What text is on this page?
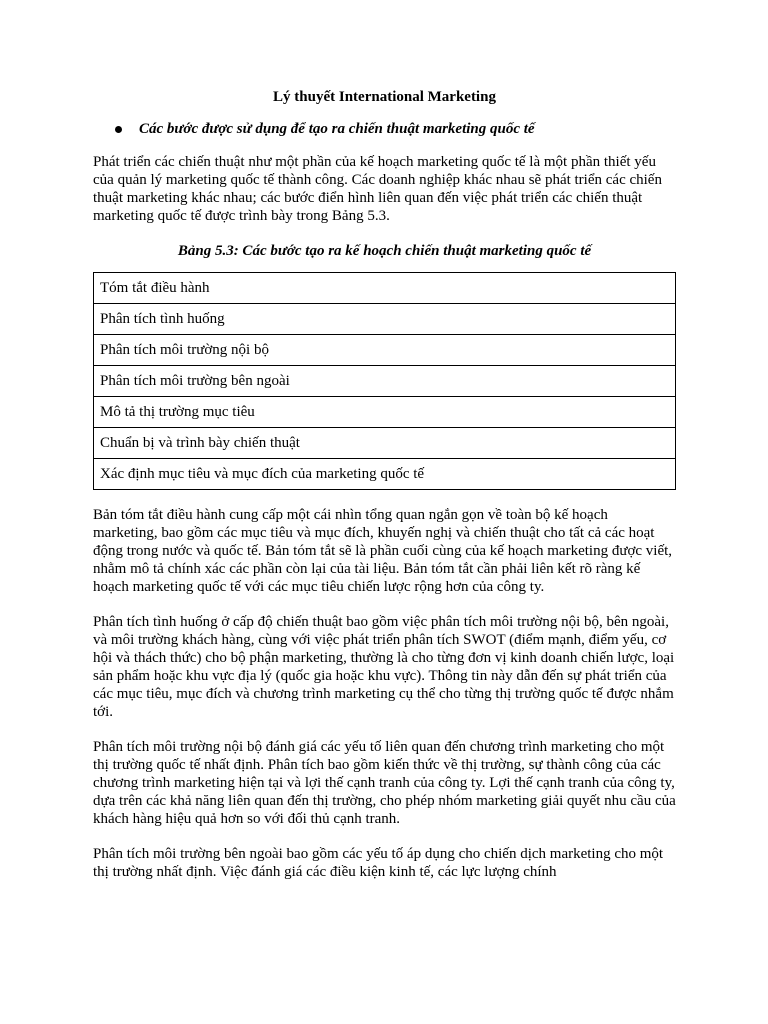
Lý thuyết International Marketing

Các bước được sử dụng để tạo ra chiến thuật marketing quốc tế

Phát triển các chiến thuật như một phần của kế hoạch marketing quốc tế là một phần thiết yếu của quản lý marketing quốc tế thành công. Các doanh nghiệp khác nhau sẽ phát triển các chiến thuật marketing khác nhau; các bước điển hình liên quan đến việc phát triển các chiến thuật marketing quốc tế được trình bày trong Bảng 5.3.

Bảng 5.3: Các bước tạo ra kế hoạch chiến thuật marketing quốc tế
Tóm tắt điều hành
Phân tích tình huống
Phân tích môi trường nội bộ
Phân tích môi trường bên ngoài
Mô tả thị trường mục tiêu
Chuẩn bị và trình bày chiến thuật
Xác định mục tiêu và mục đích của marketing quốc tế

Bản tóm tắt điều hành cung cấp một cái nhìn tổng quan ngắn gọn về toàn bộ kế hoạch marketing, bao gồm các mục tiêu và mục đích, khuyến nghị và chiến thuật cho tất cả các hoạt động trong nước và quốc tế. Bản tóm tắt sẽ là phần cuối cùng của kế hoạch marketing được viết, nhằm mô tả chính xác các phần còn lại của tài liệu. Bản tóm tắt cần phải liên kết rõ ràng kế hoạch marketing quốc tế với các mục tiêu chiến lược rộng hơn của công ty.

Phân tích tình huống ở cấp độ chiến thuật bao gồm việc phân tích môi trường nội bộ, bên ngoài, và môi trường khách hàng, cùng với việc phát triển phân tích SWOT (điểm mạnh, điểm yếu, cơ hội và thách thức) cho bộ phận marketing, thường là cho từng đơn vị kinh doanh chiến lược, loại sản phẩm hoặc khu vực địa lý (quốc gia hoặc khu vực). Thông tin này dẫn đến sự phát triển của các mục tiêu, mục đích và chương trình marketing cụ thể cho từng thị trường quốc tế được nhắm tới.

Phân tích môi trường nội bộ đánh giá các yếu tố liên quan đến chương trình marketing cho một thị trường quốc tế nhất định. Phân tích bao gồm kiến thức về thị trường, sự thành công của các chương trình marketing hiện tại và lợi thế cạnh tranh của công ty. Lợi thế cạnh tranh của công ty, dựa trên các khả năng liên quan đến thị trường, cho phép nhóm marketing giải quyết nhu cầu của khách hàng hiệu quả hơn so với đối thủ cạnh tranh.

Phân tích môi trường bên ngoài bao gồm các yếu tố áp dụng cho chiến dịch marketing cho một thị trường nhất định. Việc đánh giá các điều kiện kinh tế, các lực lượng chính
